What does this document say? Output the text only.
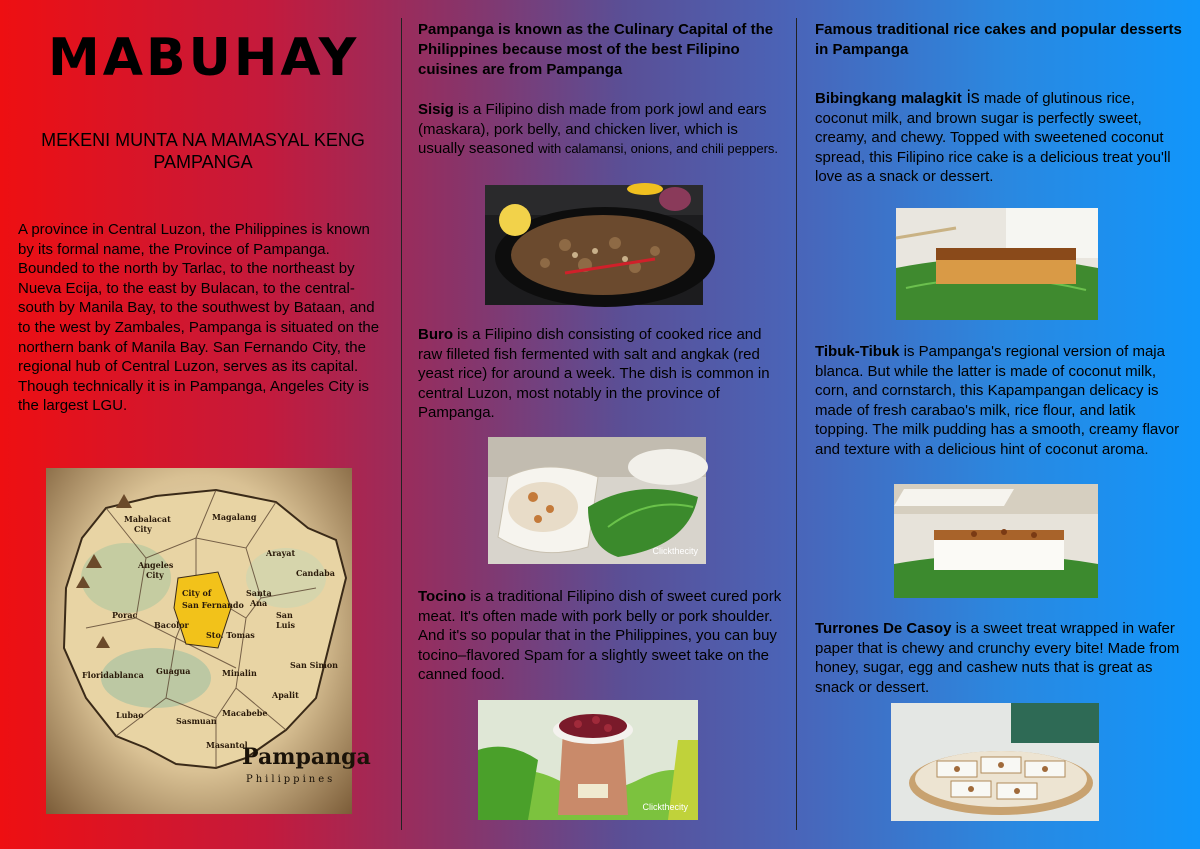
MABUHAY

MEKENI MUNTA NA MAMASYAL KENG PAMPANGA

A province in Central Luzon, the Philippines is known by its formal name, the Province of Pampanga. Bounded to the north by Tarlac, to the northeast by Nueva Ecija, to the east by Bulacan, to the central-south by Manila Bay, to the southwest by Bataan, and to the west by Zambales, Pampanga is situated on the northern bank of Manila Bay. San Fernando City, the regional hub of Central Luzon, serves as its capital. Though technically it is in Pampanga, Angeles City is the largest LGU.

Mabalacat
City
Magalang
Arayat
Candaba
Angeles
City
City of
San Fernando
Santa
Ana
Porac
Bacolor
Sto. Tomas
San
Luis
Floridablanca Guagua	Minalin
San Simon
Apalit
Lubao
Sasmuan
Macabebe
Masantol
Pampanga
Philippines

Pampanga is known as the Culinary Capital of the Philippines because most of the best Filipino cuisines are from Pampanga

Sisig is a Filipino dish made from pork jowl and ears (maskara), pork belly, and chicken liver, which is usually seasoned with calamansi, onions, and chili peppers.

Buro is a Filipino dish consisting of cooked rice and raw filleted fish fermented with salt and angkak (red yeast rice) for around a week. The dish is common in central Luzon, most notably in the province of Pampanga.

Clickthecity

Tocino is a traditional Filipino dish of sweet cured pork meat. It's often made with pork belly or pork shoulder. And it's so popular that in the Philippines, you can buy tocino–flavored Spam for a slightly sweet take on the canned food.

Clickthecity

Famous traditional rice cakes and popular desserts in Pampanga

Bibingkang malagkit is made of glutinous rice, coconut milk, and brown sugar is perfectly sweet, creamy, and chewy. Topped with sweetened coconut spread, this Filipino rice cake is a delicious treat you'll love as a snack or dessert.

Tibuk-Tibuk is Pampanga's regional version of maja blanca. But while the latter is made of coconut milk, corn, and cornstarch, this Kapampangan delicacy is made of fresh carabao's milk, rice flour, and latik topping. The milk pudding has a smooth, creamy flavor and texture with a delicious hint of coconut aroma.

Turrones De Casoy is a sweet treat wrapped in wafer paper that is chewy and crunchy every bite! Made from honey, sugar, egg and cashew nuts that is great as snack or dessert.
